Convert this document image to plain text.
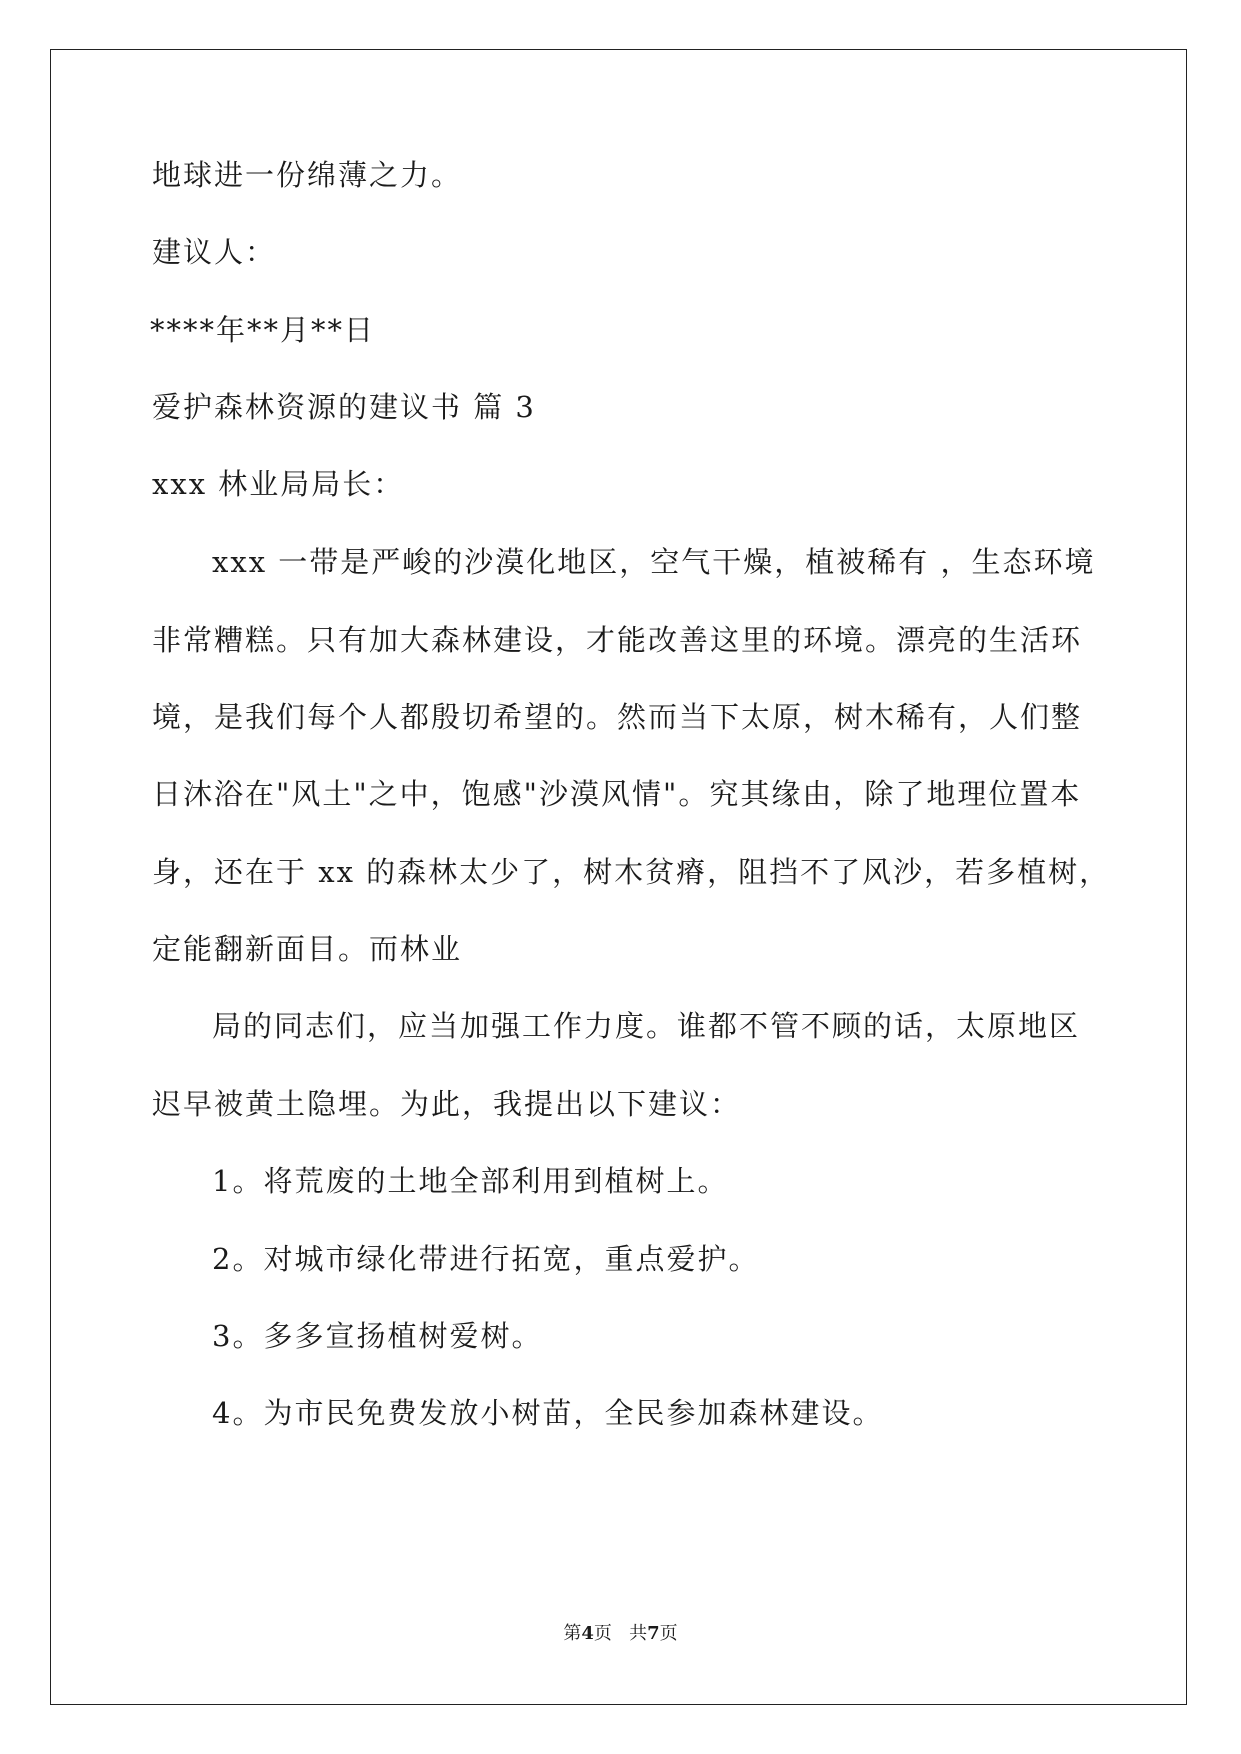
地球进一份绵薄之力。
建议人：
****年**月**日
爱护森林资源的建议书 篇 3
xxx 林业局局长：
xxx 一带是严峻的沙漠化地区，空气干燥，植被稀有 ，生态环境
非常糟糕。只有加大森林建设，才能改善这里的环境。漂亮的生活环
境，是我们每个人都殷切希望的。然而当下太原，树木稀有，人们整
日沐浴在"风土"之中，饱感"沙漠风情"。究其缘由，除了地理位置本
身，还在于 xx 的森林太少了，树木贫瘠，阻挡不了风沙，若多植树，
定能翻新面目。而林业
局的同志们，应当加强工作力度。谁都不管不顾的话，太原地区
迟早被黄土隐埋。为此，我提出以下建议：
1。将荒废的土地全部利用到植树上。
2。对城市绿化带进行拓宽，重点爱护。
3。多多宣扬植树爱树。
4。为市民免费发放小树苗，全民参加森林建设。
第4页 共7页
